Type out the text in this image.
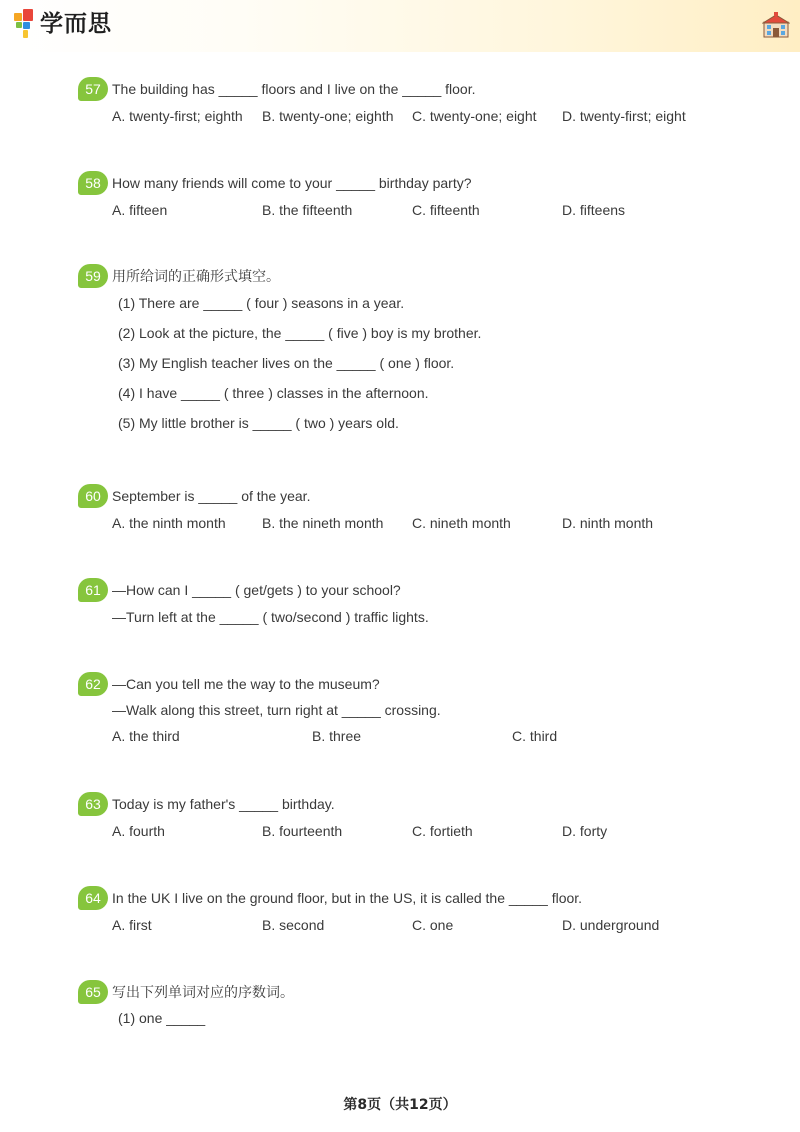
学而思
57 The building has _____ floors and I live on the _____ floor.
A. twenty-first; eighth B. twenty-one; eighth C. twenty-one; eight D. twenty-first; eight
58 How many friends will come to your _____ birthday party?
A. fifteen	B. the fifteenth	C. fifteenth	D. fifteens
59 用所给词的正确形式填空。
(1) There are _____ ( four ) seasons in a year.
(2) Look at the picture, the _____ ( five ) boy is my brother.
(3) My English teacher lives on the _____ ( one ) floor.
(4) I have _____ ( three ) classes in the afternoon.
(5) My little brother is _____ ( two ) years old.
60 September is _____ of the year.
A. the ninth month	B. the nineth month C. nineth month	D. ninth month
61 —How can I _____ ( get/gets ) to your school?
—Turn left at the _____ ( two/second ) traffic lights.
62 —Can you tell me the way to the museum?
—Walk along this street, turn right at _____ crossing.
A. the third	B. three	C. third
63 Today is my father's _____ birthday.
A. fourth	B. fourteenth	C. fortieth	D. forty
64 In the UK I live on the ground floor, but in the US, it is called the _____ floor.
A. first	B. second	C. one	D. underground
65 写出下列单词对应的序数词。
(1) one _____
第8页（共12页）
